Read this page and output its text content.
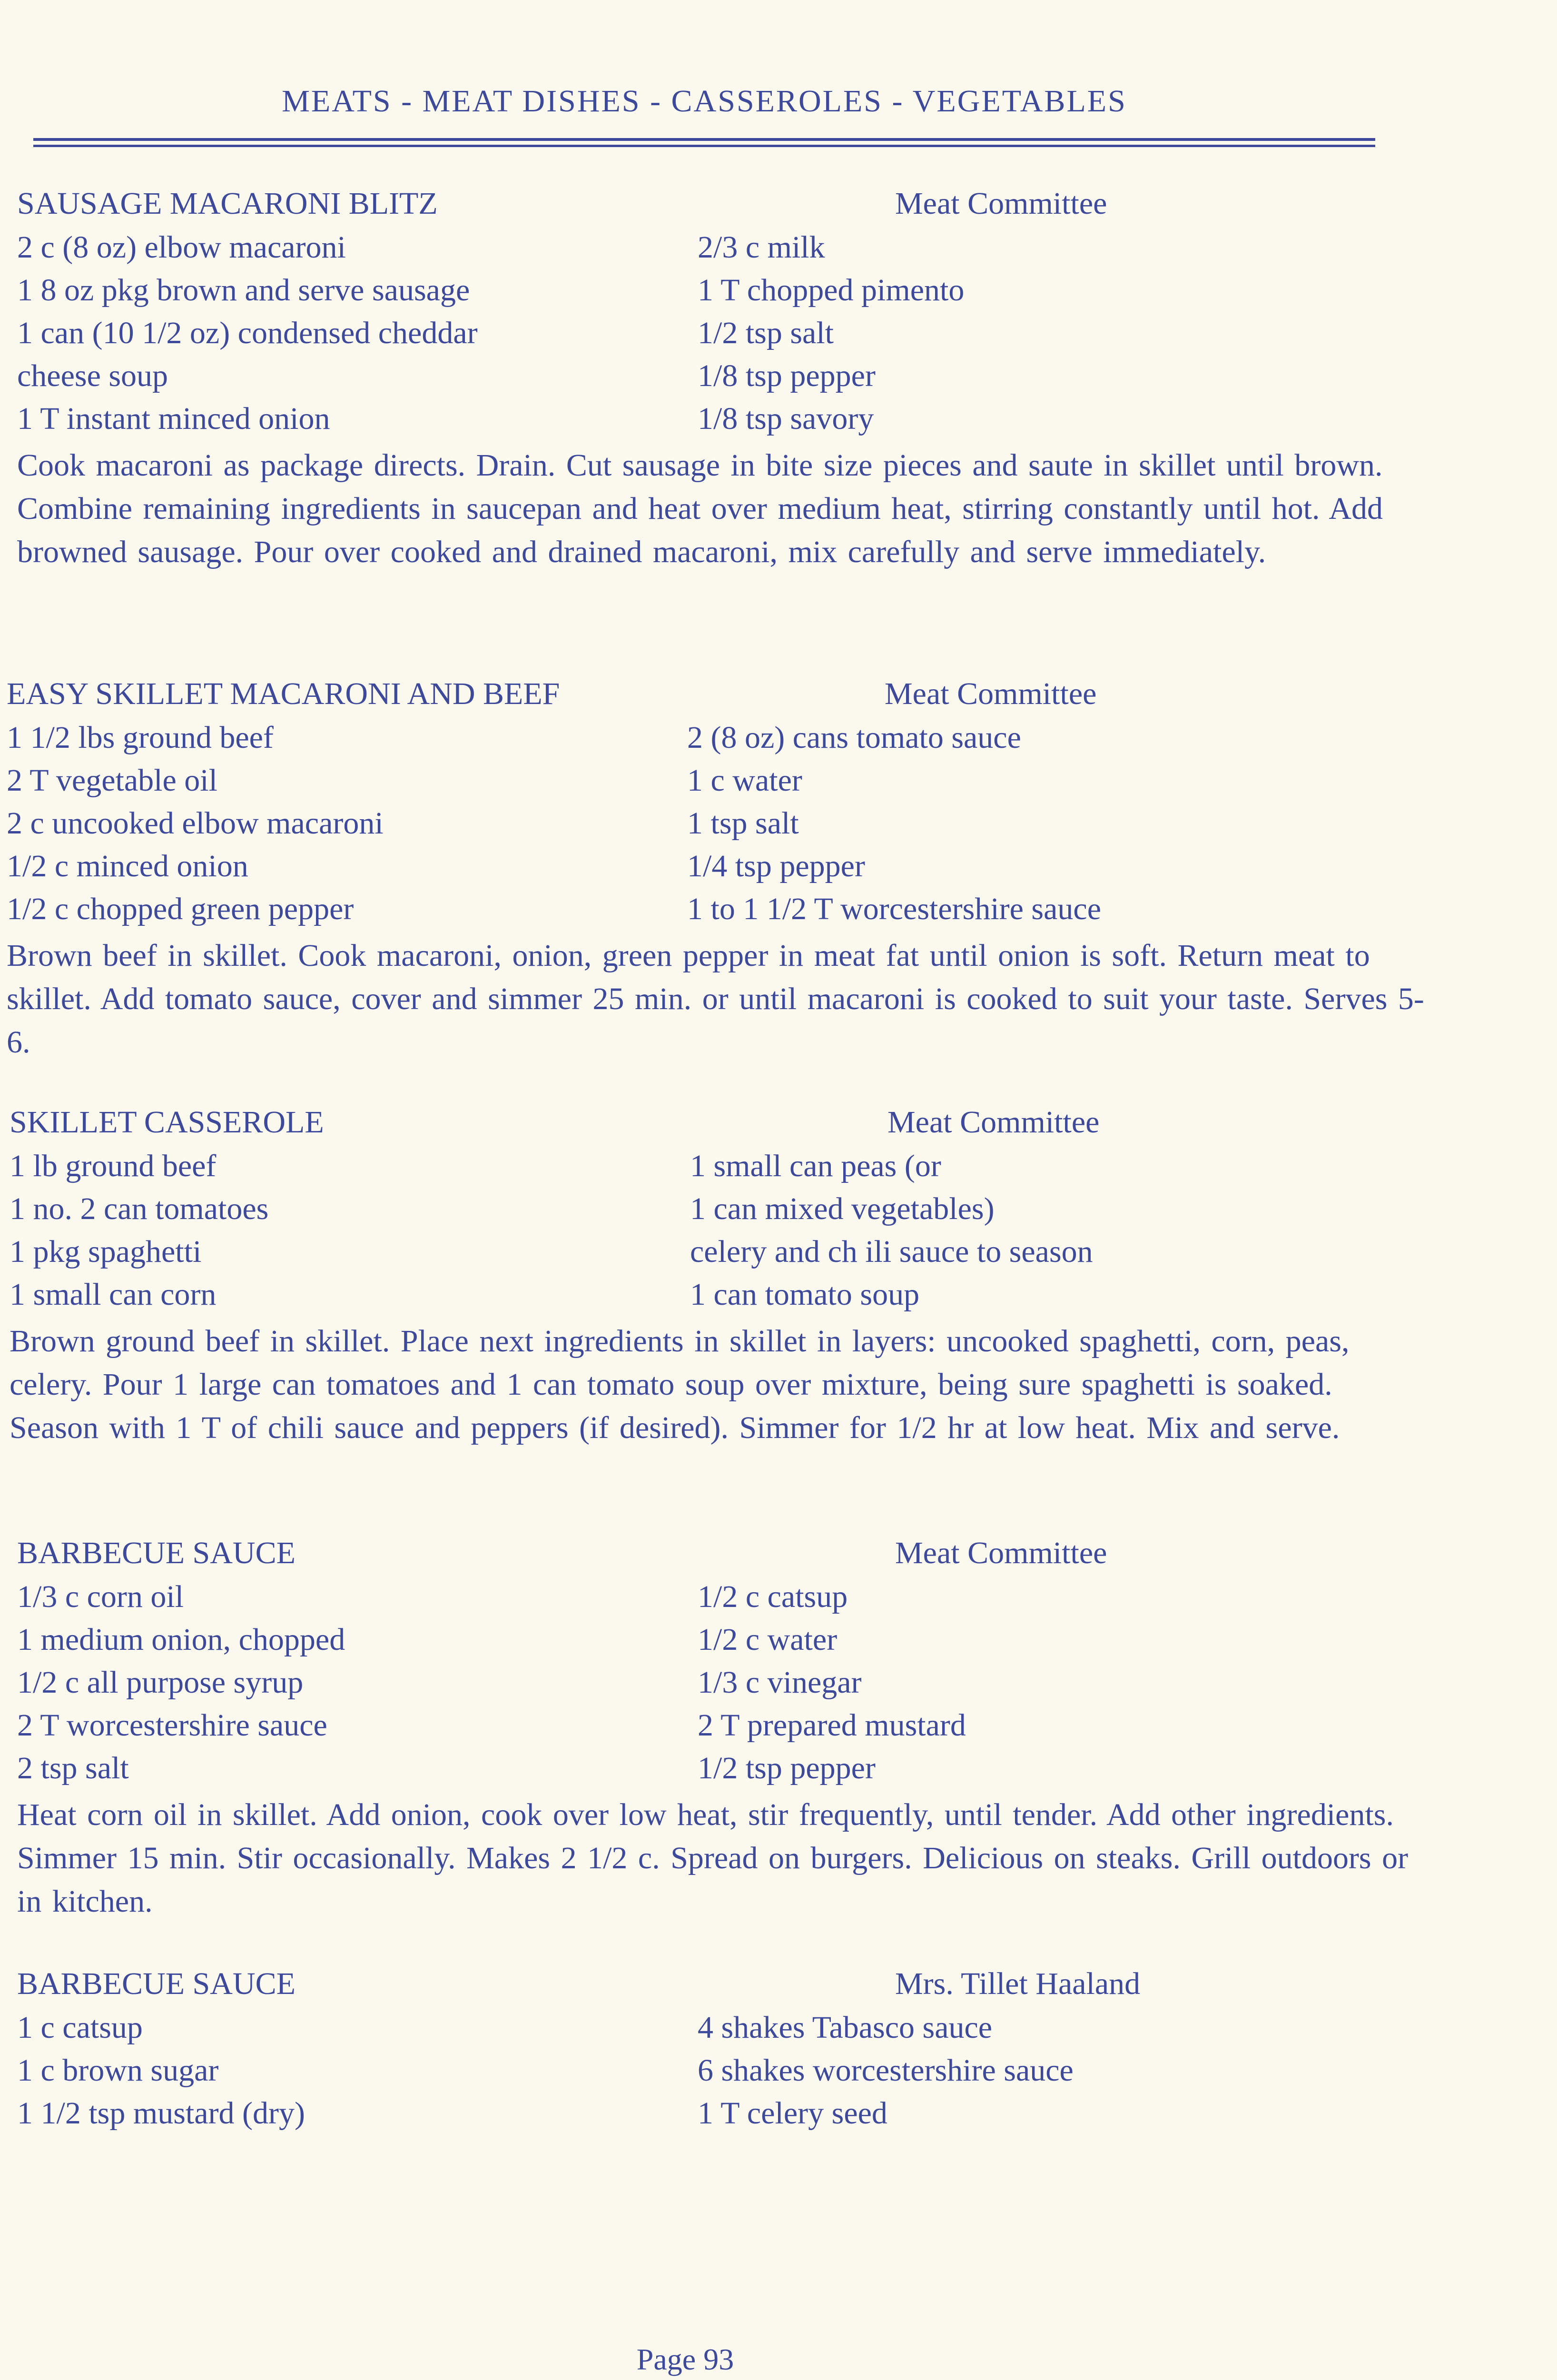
MEATS - MEAT DISHES - CASSEROLES - VEGETABLES
SAUSAGE MACARONI BLITZ	Meat Committee
2 c (8 oz) elbow macaroni	2/3 c milk
1 8 oz pkg brown and serve sausage	1 T chopped pimento
1 can (10 1/2 oz) condensed cheddar	1/2 tsp salt
cheese soup	1/8 tsp pepper
1 T instant minced onion	1/8 tsp savory
Cook macaroni as package directs. Drain. Cut sausage in bite size pieces and saute in skillet until brown. Combine remaining ingredients in saucepan and heat over medium heat, stirring constantly until hot. Add browned sausage. Pour over cooked and drained macaroni, mix carefully and serve immediately.
EASY SKILLET MACARONI AND BEEF	Meat Committee
1 1/2 lbs ground beef	2 (8 oz) cans tomato sauce
2 T vegetable oil	1 c water
2 c uncooked elbow macaroni	1 tsp salt
1/2 c minced onion	1/4 tsp pepper
1/2 c chopped green pepper	1 to 1 1/2 T worcestershire sauce
Brown beef in skillet. Cook macaroni, onion, green pepper in meat fat until onion is soft. Return meat to skillet. Add tomato sauce, cover and simmer 25 min. or until macaroni is cooked to suit your taste. Serves 5-6.
SKILLET CASSEROLE	Meat Committee
1 lb ground beef	1 small can peas (or
1 no. 2 can tomatoes	1 can mixed vegetables)
1 pkg spaghetti	celery and ch ili sauce to season
1 small can corn	1 can tomato soup
Brown ground beef in skillet. Place next ingredients in skillet in layers: uncooked spaghetti, corn, peas, celery. Pour 1 large can tomatoes and 1 can tomato soup over mixture, being sure spaghetti is soaked. Season with 1 T of chili sauce and peppers (if desired). Simmer for 1/2 hr at low heat. Mix and serve.
BARBECUE SAUCE	Meat Committee
1/3 c corn oil	1/2 c catsup
1 medium onion, chopped	1/2 c water
1/2 c all purpose syrup	1/3 c vinegar
2 T worcestershire sauce	2 T prepared mustard
2 tsp salt	1/2 tsp pepper
Heat corn oil in skillet. Add onion, cook over low heat, stir frequently, until tender. Add other ingredients. Simmer 15 min. Stir occasionally. Makes 2 1/2 c. Spread on burgers. Delicious on steaks. Grill outdoors or in kitchen.
BARBECUE SAUCE	Mrs. Tillet Haaland
1 c catsup	4 shakes Tabasco sauce
1 c brown sugar	6 shakes worcestershire sauce
1 1/2 tsp mustard (dry)	1 T celery seed
Page 93
